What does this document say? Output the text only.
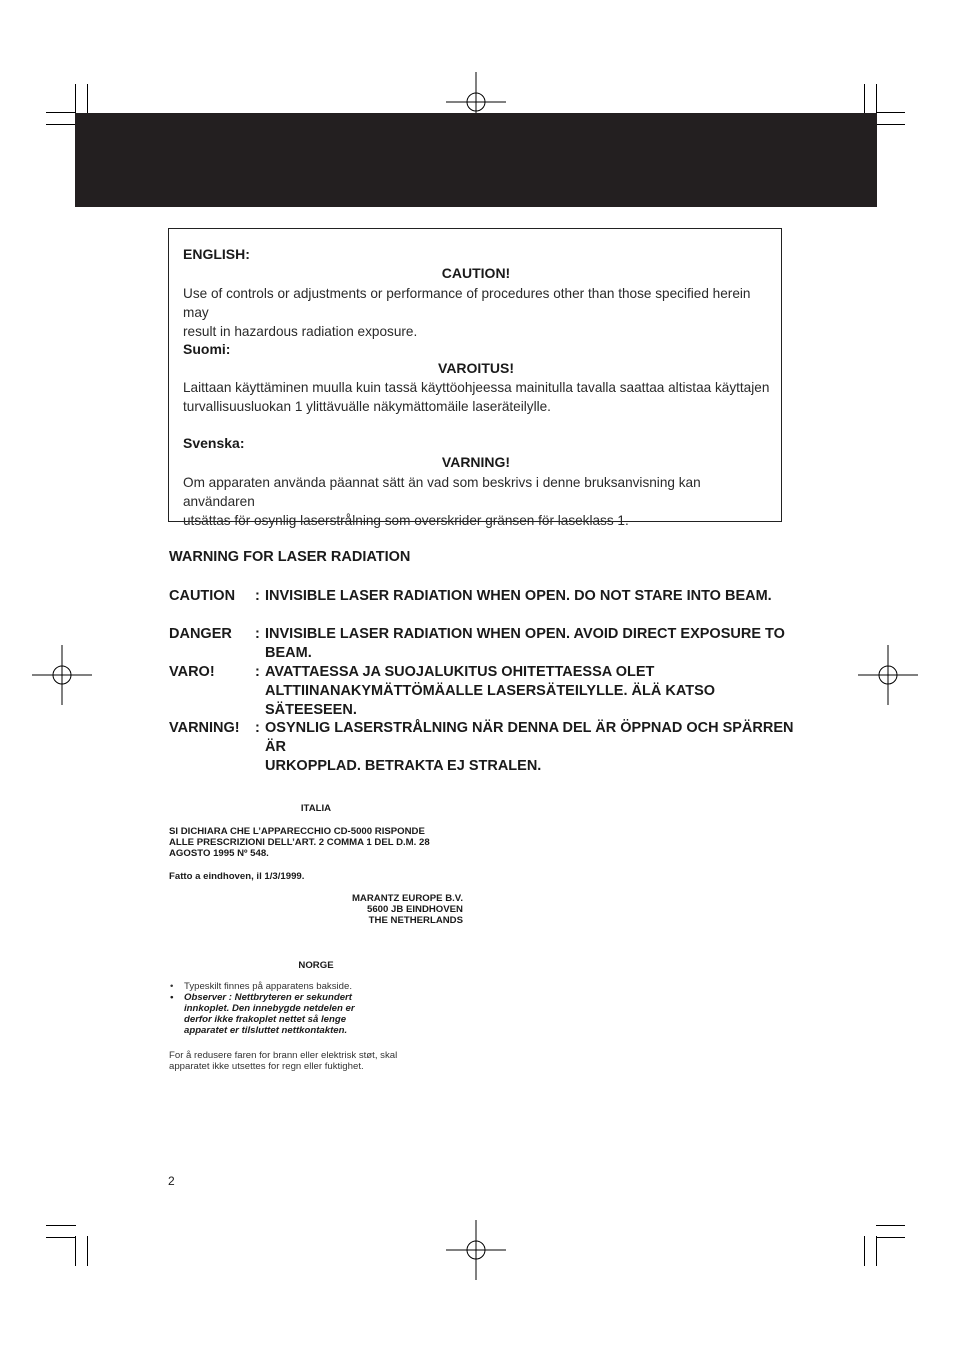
ENGLISH:
CAUTION!
Use of controls or adjustments or performance of procedures other than those specified herein may
result in hazardous radiation exposure.
Suomi:
VAROITUS!
Laittaan käyttäminen muulla kuin tassä käyttöohjeessa mainitulla tavalla saattaa altistaa käyttajen
turvallisuusluokan 1 ylittävuälle näkymättomäile laseräteilylle.
Svenska:
VARNING!
Om apparaten använda päannat sätt än vad som beskrivs i denne bruksanvisning kan användaren
utsättas för osynlig laserstrålning som overskrider gränsen för laseklass 1.
WARNING FOR LASER RADIATION
CAUTION : INVISIBLE LASER RADIATION WHEN OPEN. DO NOT STARE INTO BEAM.
DANGER : INVISIBLE LASER RADIATION WHEN OPEN. AVOID DIRECT EXPOSURE TO BEAM.
VARO!	: AVATTAESSA JA SUOJALUKITUS OHITETTAESSA OLET
ALTTIINANAKYMÄTTÖMÄALLE LASERSÄTEILYLLE. ÄLÄ KATSO SÄTEESEEN.
VARNING! : OSYNLIG LASERSTRÅLNING NÄR DENNA DEL ÄR ÖPPNAD OCH SPÄRREN ÄR
URKOPPLAD. BETRAKTA EJ STRALEN.
ITALIA
SI DICHIARA CHE L’APPARECCHIO CD-5000 RISPONDE
ALLE PRESCRIZIONI DELL’ART. 2 COMMA 1 DEL D.M. 28
AGOSTO 1995 Nº 548.
Fatto a eindhoven, il 1/3/1999.
MARANTZ EUROPE B.V.
5600 JB EINDHOVEN
THE NETHERLANDS
NORGE
• Typeskilt finnes på apparatens bakside.
• Observer : Nettbryteren er sekundert
innkoplet. Den innebygde netdelen er
derfor ikke frakoplet nettet så lenge
apparatet er tilsluttet nettkontakten.
For å redusere faren for brann eller elektrisk støt, skal
apparatet ikke utsettes for regn eller fuktighet.
2
